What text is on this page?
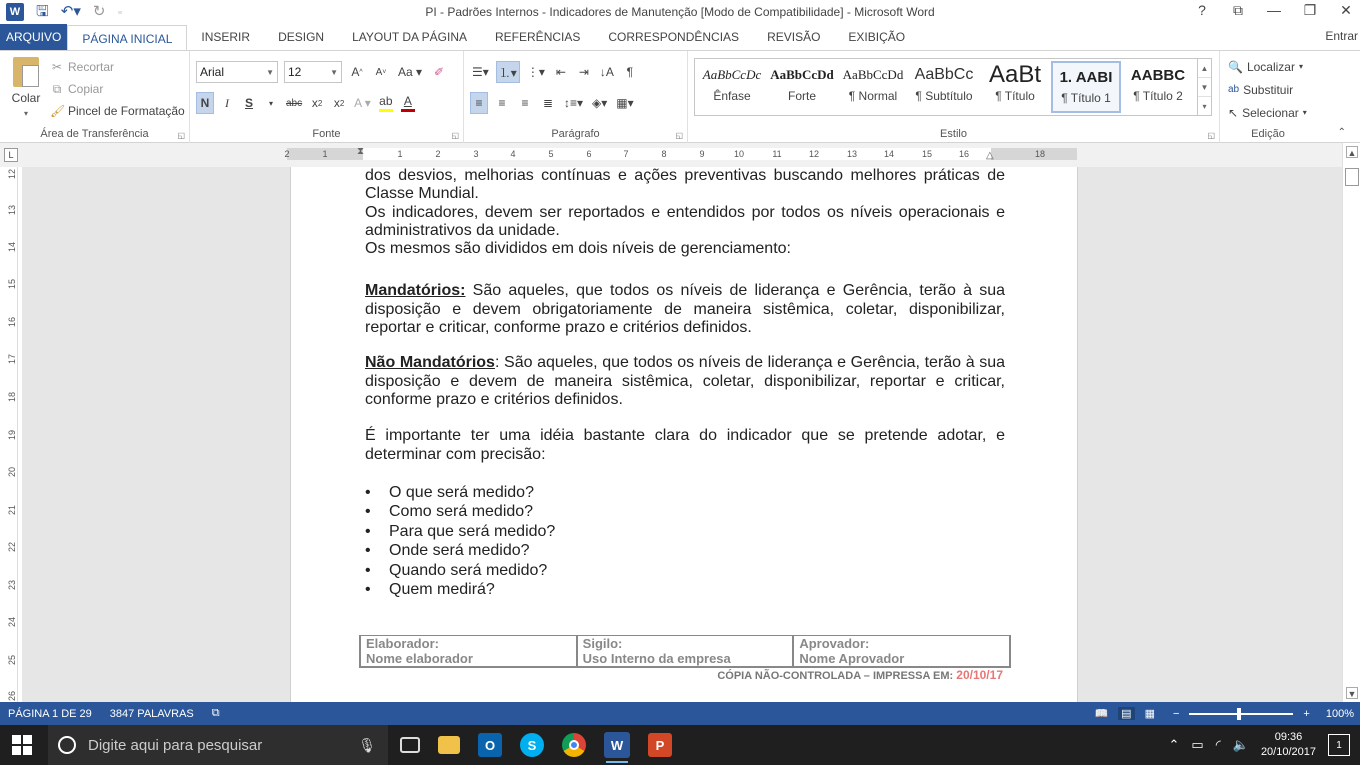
W 🖫 ↶▾ ↻ ₌	PI - Padrões Internos - Indicadores de Manutenção [Modo de Compatibilidade] - Microsoft Word	? ⧉ — ❐ ✕
ARQUIVO	PÁGINA INICIAL	INSERIR	DESIGN	LAYOUT DA PÁGINA	REFERÊNCIAS	CORRESPONDÊNCIAS	REVISÃO	EXIBIÇÃO	Entrar
Colar
▾
✂ Recortar
⧉ Copiar
🖌 Pincel de Formatação
Área de Transferência	◱
Arial	▼ 12	▼ A ^	A ˅ Aa ▾ ✐
N	I	S	▾	abc x 2 x 2 A ▾ ab A
Fonte	◱
☰▾ ⒈▾ ⋮▾ ⇤	⇥ ↓A	¶
≡	≡	≡	≣ ↕≡▾ ◈▾ ▦▾
Parágrafo	◱
AaBbCcDc
Ênfase
AaBbCcDd
Forte
AaBbCcDd
¶ Normal
AaBbCc
¶ Subtítulo
AaBt
¶ Título
1. AABI
¶ Título 1
AABBC
¶ Título 2
▲
▼
▾
Estilo	◱
🔍 Localizar ▾
ab Substituir
↖ Selecionar ▾
Edição	⌃
L	2	1	1	2	3	4	5	6	7	8	9	10	11	12	13	14	15	16	18
⧗	△
12
13
14
15
16
17
18
19
20
21
22
23
24
25
26

dos desvios, melhorias contínuas e ações preventivas buscando melhores práticas de Classe Mundial.

Os indicadores, devem ser reportados e entendidos por todos os níveis operacionais e administrativos da unidade.

Os mesmos são divididos em dois níveis de gerenciamento:

Mandatórios: São aqueles, que todos os níveis de liderança e Gerência, terão à sua disposição e devem obrigatoriamente de maneira sistêmica, coletar, disponibilizar, reportar e criticar, conforme prazo e critérios definidos.

Não Mandatórios: São aqueles, que todos os níveis de liderança e Gerência, terão à sua disposição e devem de maneira sistêmica, coletar, disponibilizar, reportar e criticar, conforme prazo e critérios definidos.

É importante ter uma idéia bastante clara do indicador que se pretende adotar, e determinar com precisão:

• O que será medido?
• Como será medido?
• Para que será medido?
• Onde será medido?
• Quando será medido?
• Quem medirá?
Elaborador:
Nome elaborador

Sigilo:
Uso Interno da empresa

Aprovador:
Nome Aprovador
CÓPIA NÃO-CONTROLADA – IMPRESSA EM: 20/10/17
▲
▼
PÁGINA 1 DE 29 3847 PALAVRAS ⧉	📖 ▤ ▦ −	+ 100%
Digite aqui para pesquisar	🎙	O	S	W	P	⌃ ▭ ◜ 🔈	09:36
20/10/2017
1
